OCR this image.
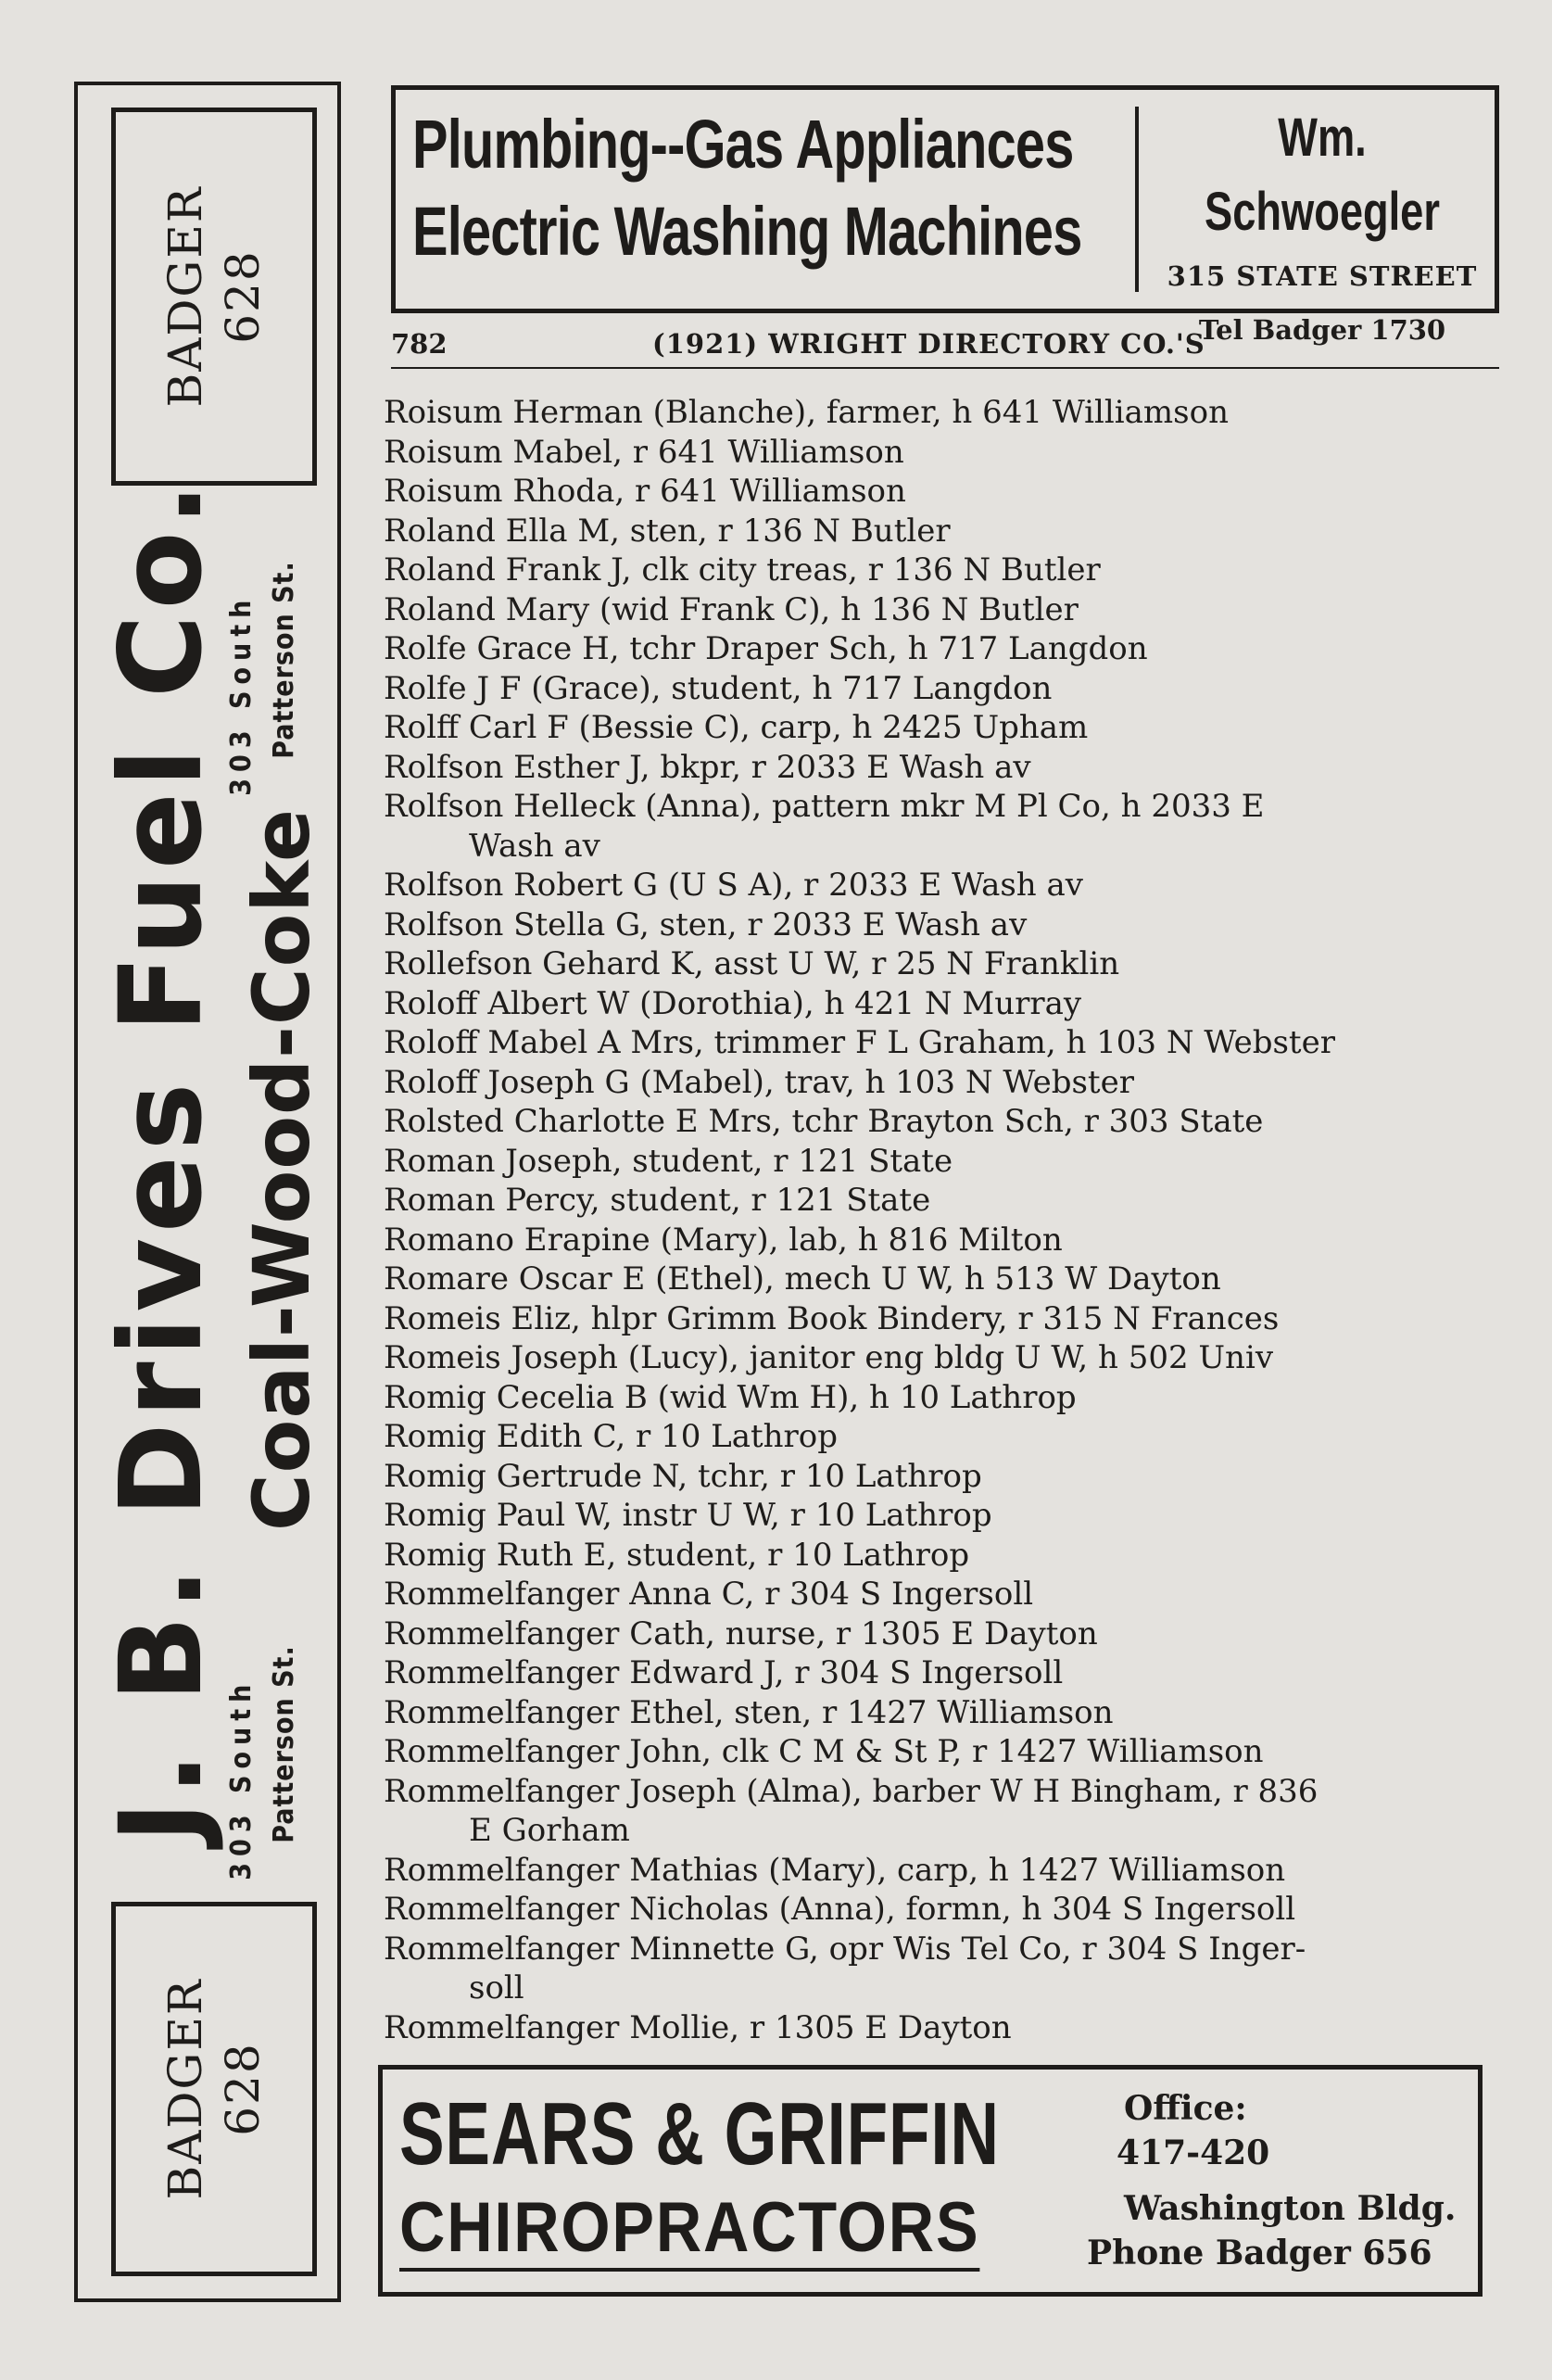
BADGER 628
303 South Patterson St.
J. B. Drives Fuel Co. Coal-Wood-Coke
303 South Patterson St.
BADGER 628
Plumbing--Gas Appliances
Electric Washing Machines
Wm. Schwoegler
315 STATE STREET
Tel Badger 1730
782	(1921) WRIGHT DIRECTORY CO.'S
Roisum Herman (Blanche), farmer, h 641 Williamson
Roisum Mabel, r 641 Williamson
Roisum Rhoda, r 641 Williamson
Roland Ella M, sten, r 136 N Butler
Roland Frank J, clk city treas, r 136 N Butler
Roland Mary (wid Frank C), h 136 N Butler
Rolfe Grace H, tchr Draper Sch, h 717 Langdon
Rolfe J F (Grace), student, h 717 Langdon
Rolff Carl F (Bessie C), carp, h 2425 Upham
Rolfson Esther J, bkpr, r 2033 E Wash av
Rolfson Helleck (Anna), pattern mkr M Pl Co, h 2033 E
Wash av
Rolfson Robert G (U S A), r 2033 E Wash av
Rolfson Stella G, sten, r 2033 E Wash av
Rollefson Gehard K, asst U W, r 25 N Franklin
Roloff Albert W (Dorothia), h 421 N Murray
Roloff Mabel A Mrs, trimmer F L Graham, h 103 N Webster
Roloff Joseph G (Mabel), trav, h 103 N Webster
Rolsted Charlotte E Mrs, tchr Brayton Sch, r 303 State
Roman Joseph, student, r 121 State
Roman Percy, student, r 121 State
Romano Erapine (Mary), lab, h 816 Milton
Romare Oscar E (Ethel), mech U W, h 513 W Dayton
Romeis Eliz, hlpr Grimm Book Bindery, r 315 N Frances
Romeis Joseph (Lucy), janitor eng bldg U W, h 502 Univ
Romig Cecelia B (wid Wm H), h 10 Lathrop
Romig Edith C, r 10 Lathrop
Romig Gertrude N, tchr, r 10 Lathrop
Romig Paul W, instr U W, r 10 Lathrop
Romig Ruth E, student, r 10 Lathrop
Rommelfanger Anna C, r 304 S Ingersoll
Rommelfanger Cath, nurse, r 1305 E Dayton
Rommelfanger Edward J, r 304 S Ingersoll
Rommelfanger Ethel, sten, r 1427 Williamson
Rommelfanger John, clk C M & St P, r 1427 Williamson
Rommelfanger Joseph (Alma), barber W H Bingham, r 836
E Gorham
Rommelfanger Mathias (Mary), carp, h 1427 Williamson
Rommelfanger Nicholas (Anna), formn, h 304 S Ingersoll
Rommelfanger Minnette G, opr Wis Tel Co, r 304 S Inger-
soll
Rommelfanger Mollie, r 1305 E Dayton
SEARS & GRIFFIN
CHIROPRACTORS
Office:
417-420
Washington Bldg.
Phone Badger 656
